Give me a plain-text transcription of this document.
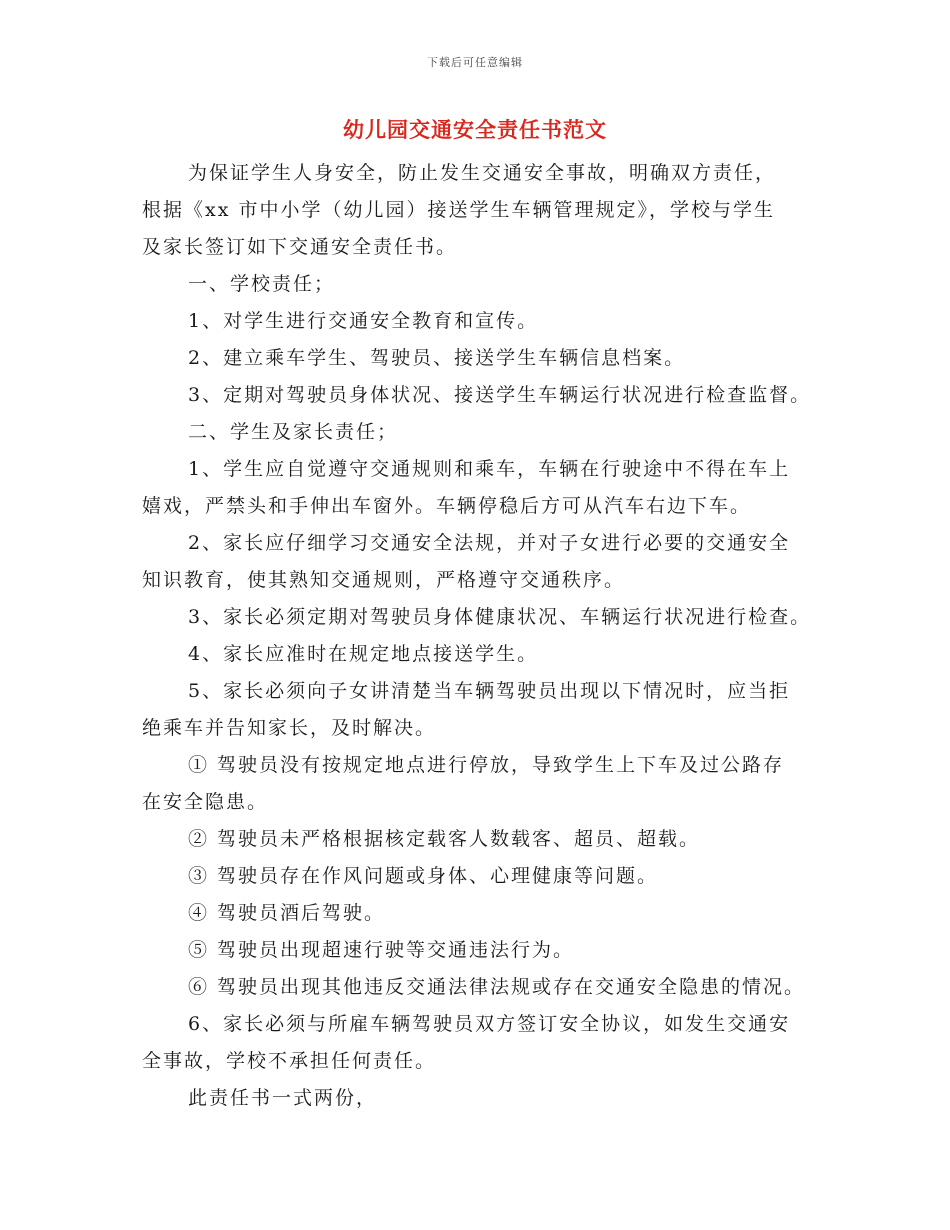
下载后可任意编辑
幼儿园交通安全责任书范文

为保证学生人身安全，防止发生交通安全事故，明确双方责任，
根据《xx 市中小学（幼儿园）接送学生车辆管理规定》，学校与学生
及家长签订如下交通安全责任书。

一、学校责任；

1、对学生进行交通安全教育和宣传。

2、建立乘车学生、驾驶员、接送学生车辆信息档案。

3、定期对驾驶员身体状况、接送学生车辆运行状况进行检查监督。

二、学生及家长责任；

1、学生应自觉遵守交通规则和乘车，车辆在行驶途中不得在车上
嬉戏，严禁头和手伸出车窗外。车辆停稳后方可从汽车右边下车。

2、家长应仔细学习交通安全法规，并对子女进行必要的交通安全
知识教育，使其熟知交通规则，严格遵守交通秩序。

3、家长必须定期对驾驶员身体健康状况、车辆运行状况进行检查。

4、家长应准时在规定地点接送学生。

5、家长必须向子女讲清楚当车辆驾驶员出现以下情况时，应当拒
绝乘车并告知家长，及时解决。

① 驾驶员没有按规定地点进行停放，导致学生上下车及过公路存
在安全隐患。

② 驾驶员未严格根据核定载客人数载客、超员、超载。

③ 驾驶员存在作风问题或身体、心理健康等问题。

④ 驾驶员酒后驾驶。

⑤ 驾驶员出现超速行驶等交通违法行为。

⑥ 驾驶员出现其他违反交通法律法规或存在交通安全隐患的情况。

6、家长必须与所雇车辆驾驶员双方签订安全协议，如发生交通安
全事故，学校不承担任何责任。

此责任书一式两份，
